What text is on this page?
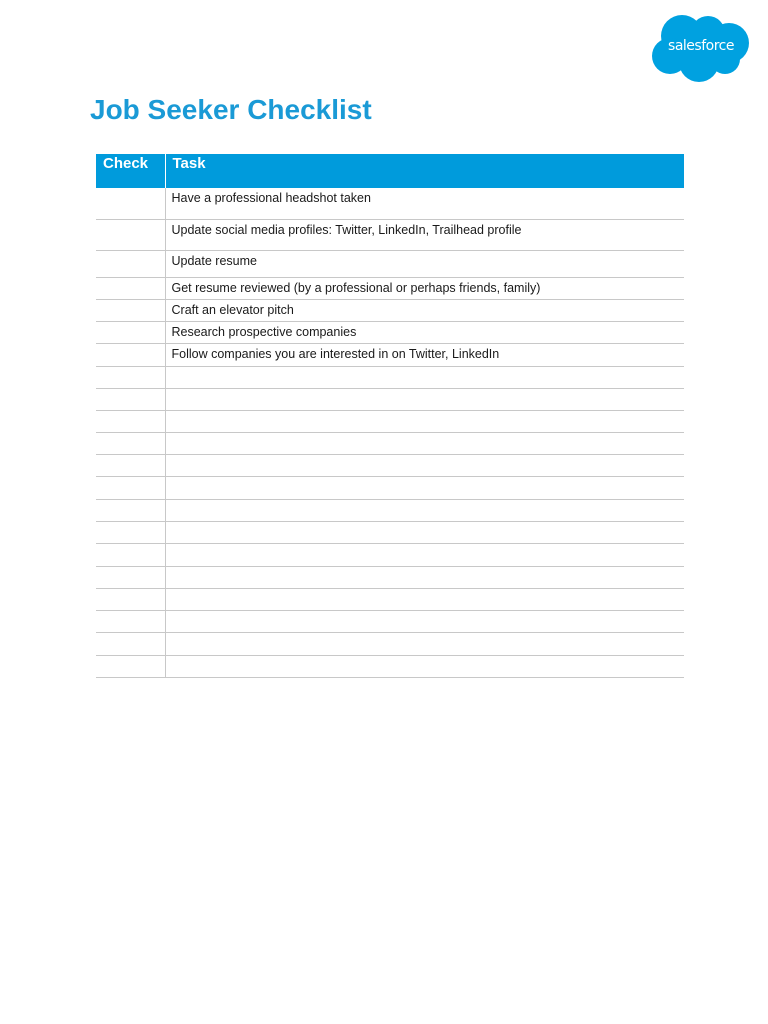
salesforce
Job Seeker Checklist
Check	Task
	Have a professional headshot taken
	Update social media profiles: Twitter, LinkedIn, Trailhead profile
	Update resume
	Get resume reviewed (by a professional or perhaps friends, family)
	Craft an elevator pitch
	Research prospective companies
	Follow companies you are interested in on Twitter, LinkedIn
